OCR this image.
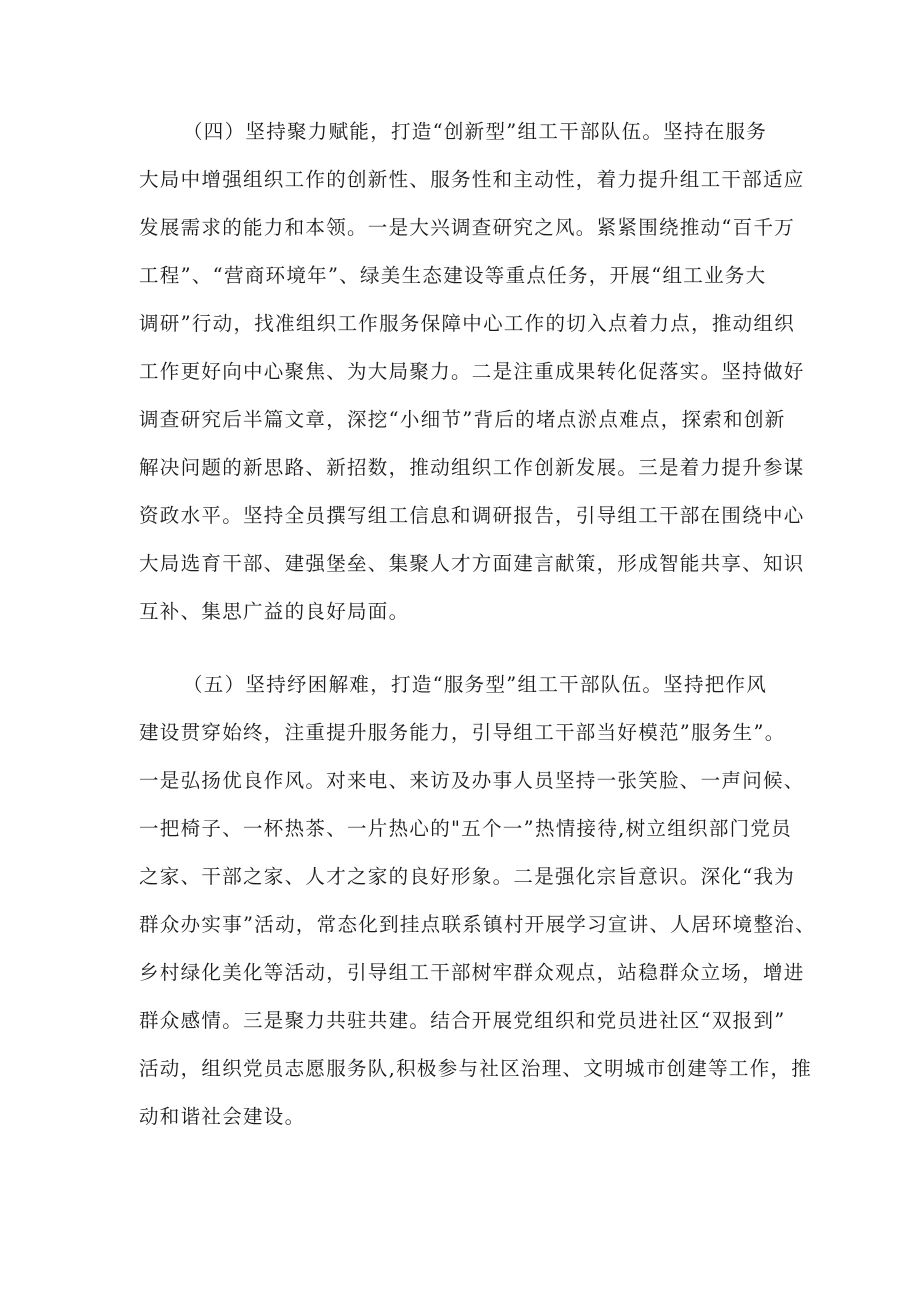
（四）坚持聚力赋能，打造“创新型”组工干部队伍。坚持在服务
大局中增强组织工作的创新性、服务性和主动性，着力提升组工干部适应
发展需求的能力和本领。一是大兴调查研究之风。紧紧围绕推动“百千万
工程”、“营商环境年”、绿美生态建设等重点任务，开展“组工业务大
调研”行动，找准组织工作服务保障中心工作的切入点着力点，推动组织
工作更好向中心聚焦、为大局聚力。二是注重成果转化促落实。坚持做好
调查研究后半篇文章，深挖“小细节”背后的堵点淤点难点，探索和创新
解决问题的新思路、新招数，推动组织工作创新发展。三是着力提升参谋
资政水平。坚持全员撰写组工信息和调研报告，引导组工干部在围绕中心
大局选育干部、建强堡垒、集聚人才方面建言献策，形成智能共享、知识
互补、集思广益的良好局面。
（五）坚持纾困解难，打造“服务型”组工干部队伍。坚持把作风
建设贯穿始终，注重提升服务能力，引导组工干部当好模范”服务生”。
一是弘扬优良作风。对来电、来访及办事人员坚持一张笑脸、一声问候、
一把椅子、一杯热茶、一片热心的"五个一”热情接待,树立组织部门党员
之家、干部之家、人才之家的良好形象。二是强化宗旨意识。深化“我为
群众办实事”活动，常态化到挂点联系镇村开展学习宣讲、人居环境整治、
乡村绿化美化等活动，引导组工干部树牢群众观点，站稳群众立场，增进
群众感情。三是聚力共驻共建。结合开展党组织和党员进社区“双报到”
活动，组织党员志愿服务队,积极参与社区治理、文明城市创建等工作，推
动和谐社会建设。
